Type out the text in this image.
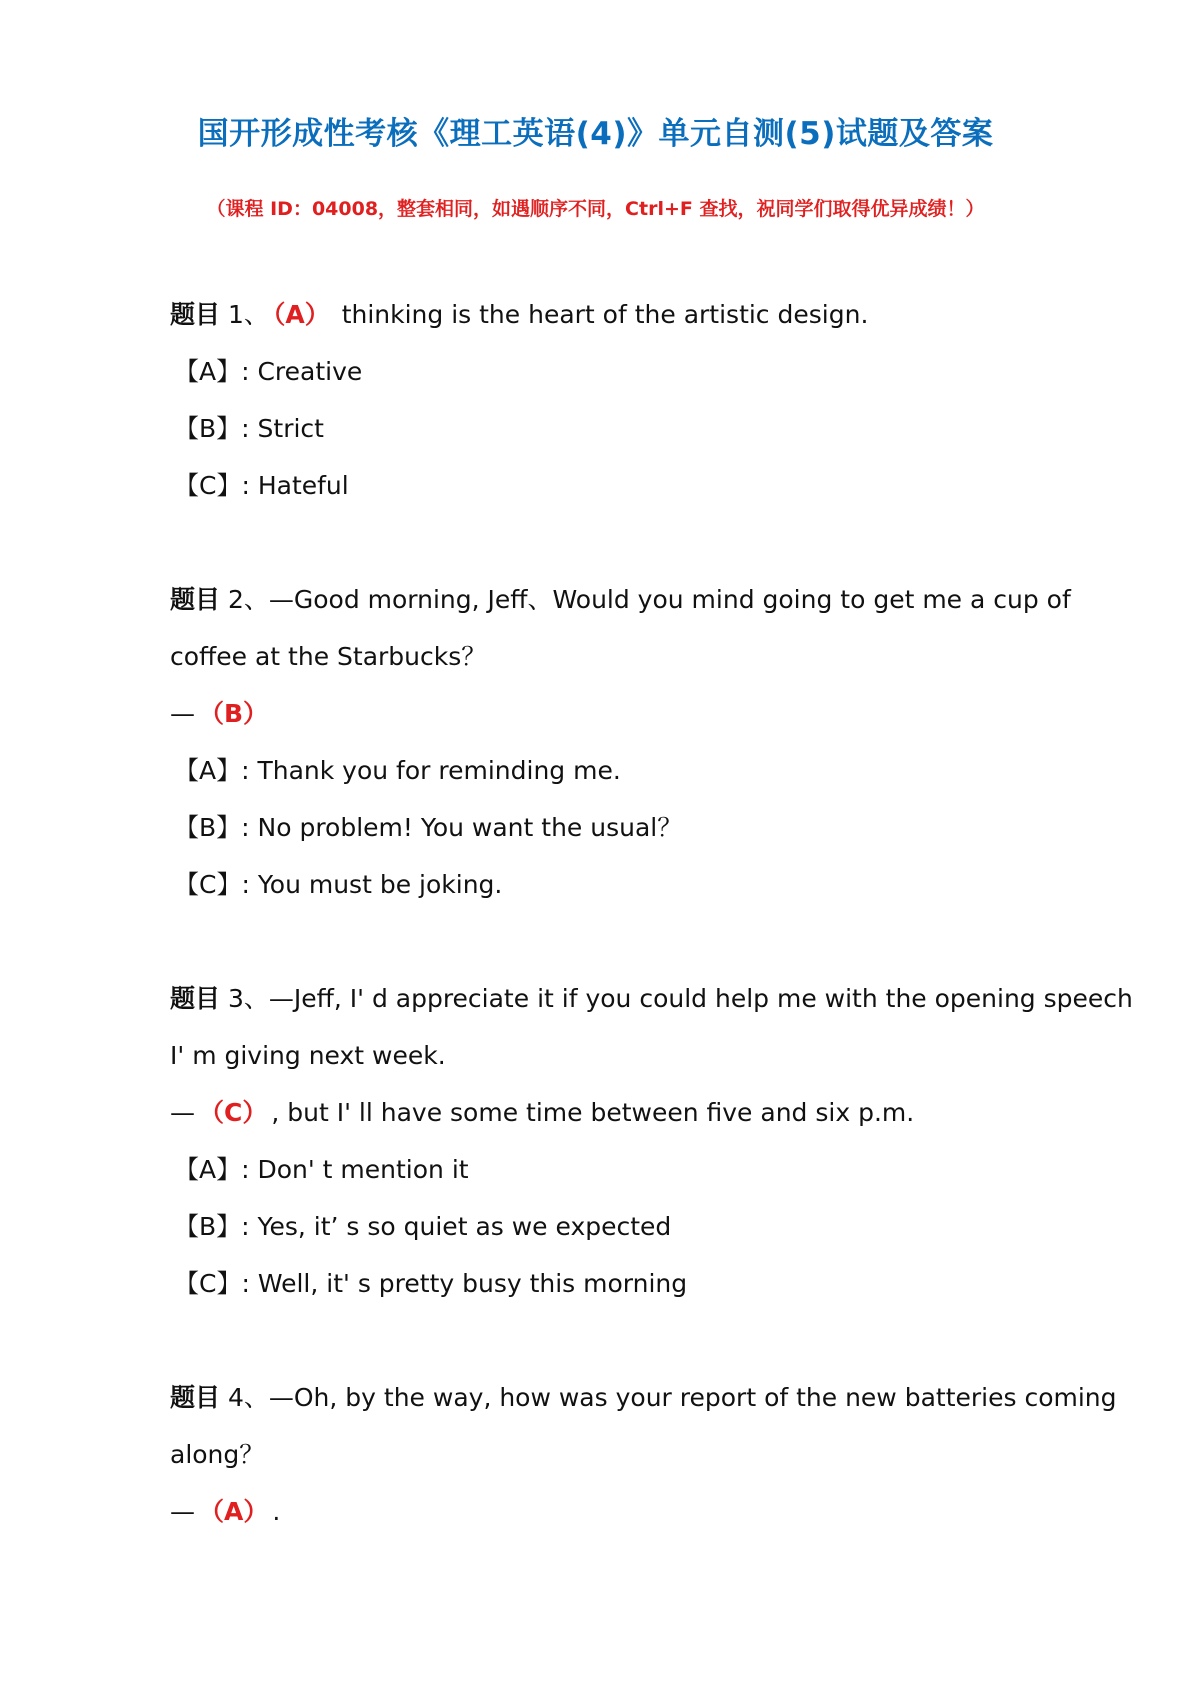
国开形成性考核《理工英语(4)》单元自测(5)试题及答案
（课程 ID：04008，整套相同，如遇顺序不同，Ctrl+F 查找，祝同学们取得优异成绩！）
题目 1、 （A） thinking is the heart of the artistic design.
【A】: Creative
【B】: Strict
【C】: Hateful
题目 2、—Good morning, Jeff、Would you mind going to get me a cup of
coffee at the Starbucks？
— （B）
【A】: Thank you for reminding me.
【B】: No problem! You want the usual？
【C】: You must be joking.
题目 3、—Jeff, I' d appreciate it if you could help me with the opening speech
I' m giving next week.
— （C） , but I' ll have some time between five and six p.m.
【A】: Don' t mention it
【B】: Yes, it’ s so quiet as we expected
【C】: Well, it' s pretty busy this morning
题目 4、—Oh, by the way, how was your report of the new batteries coming
along？
— （A） .
